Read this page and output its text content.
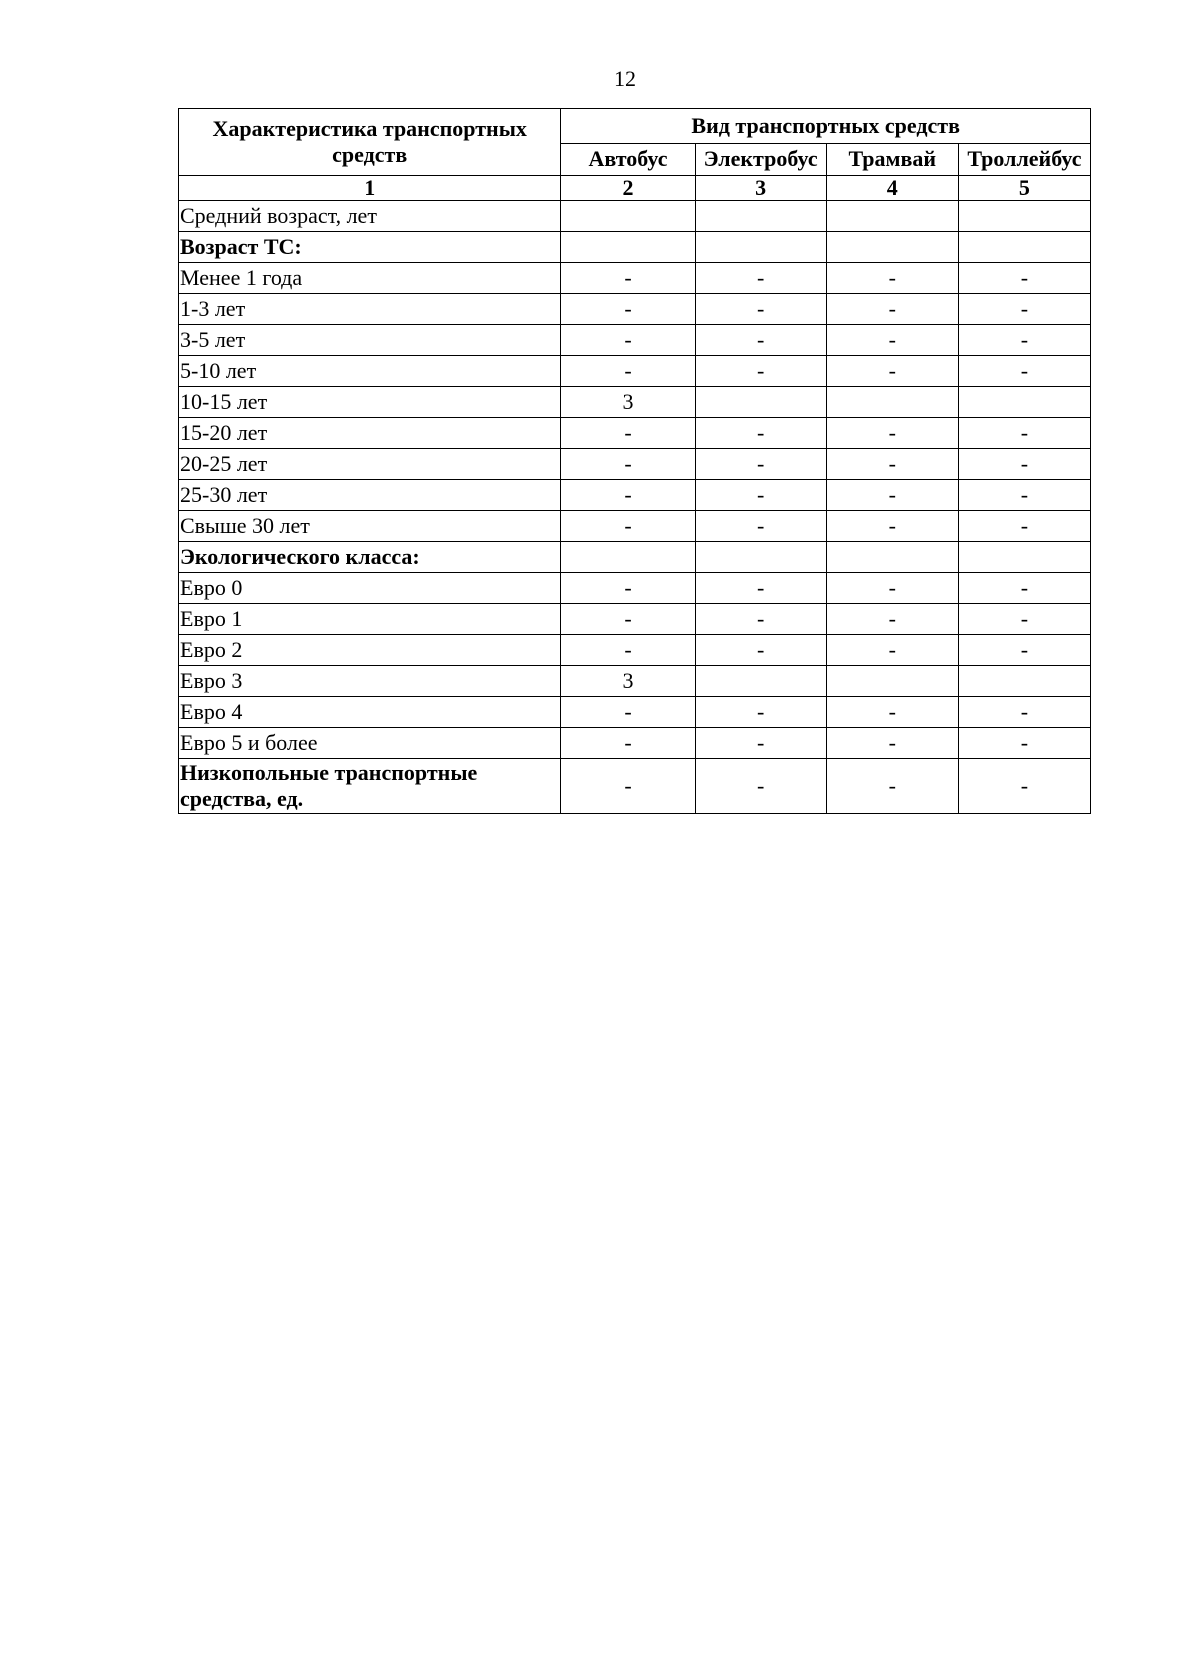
12
Характеристика транспортных средств	Вид транспортных средств			
	Автобус	Электробус	Трамвай	Троллейбус
1	2	3	4	5
Средний возраст, лет				
Возраст ТС:				
Менее 1 года	-	-	-	-
1-3 лет	-	-	-	-
3-5 лет	-	-	-	-
5-10 лет	-	-	-	-
10-15 лет	3			
15-20 лет	-	-	-	-
20-25 лет	-	-	-	-
25-30 лет	-	-	-	-
Свыше 30 лет	-	-	-	-
Экологического класса:				
Евро 0	-	-	-	-
Евро 1	-	-	-	-
Евро 2	-	-	-	-
Евро 3	3			
Евро 4	-	-	-	-
Евро 5 и более	-	-	-	-
Низкопольные транспортные средства, ед.	-	-	-	-
